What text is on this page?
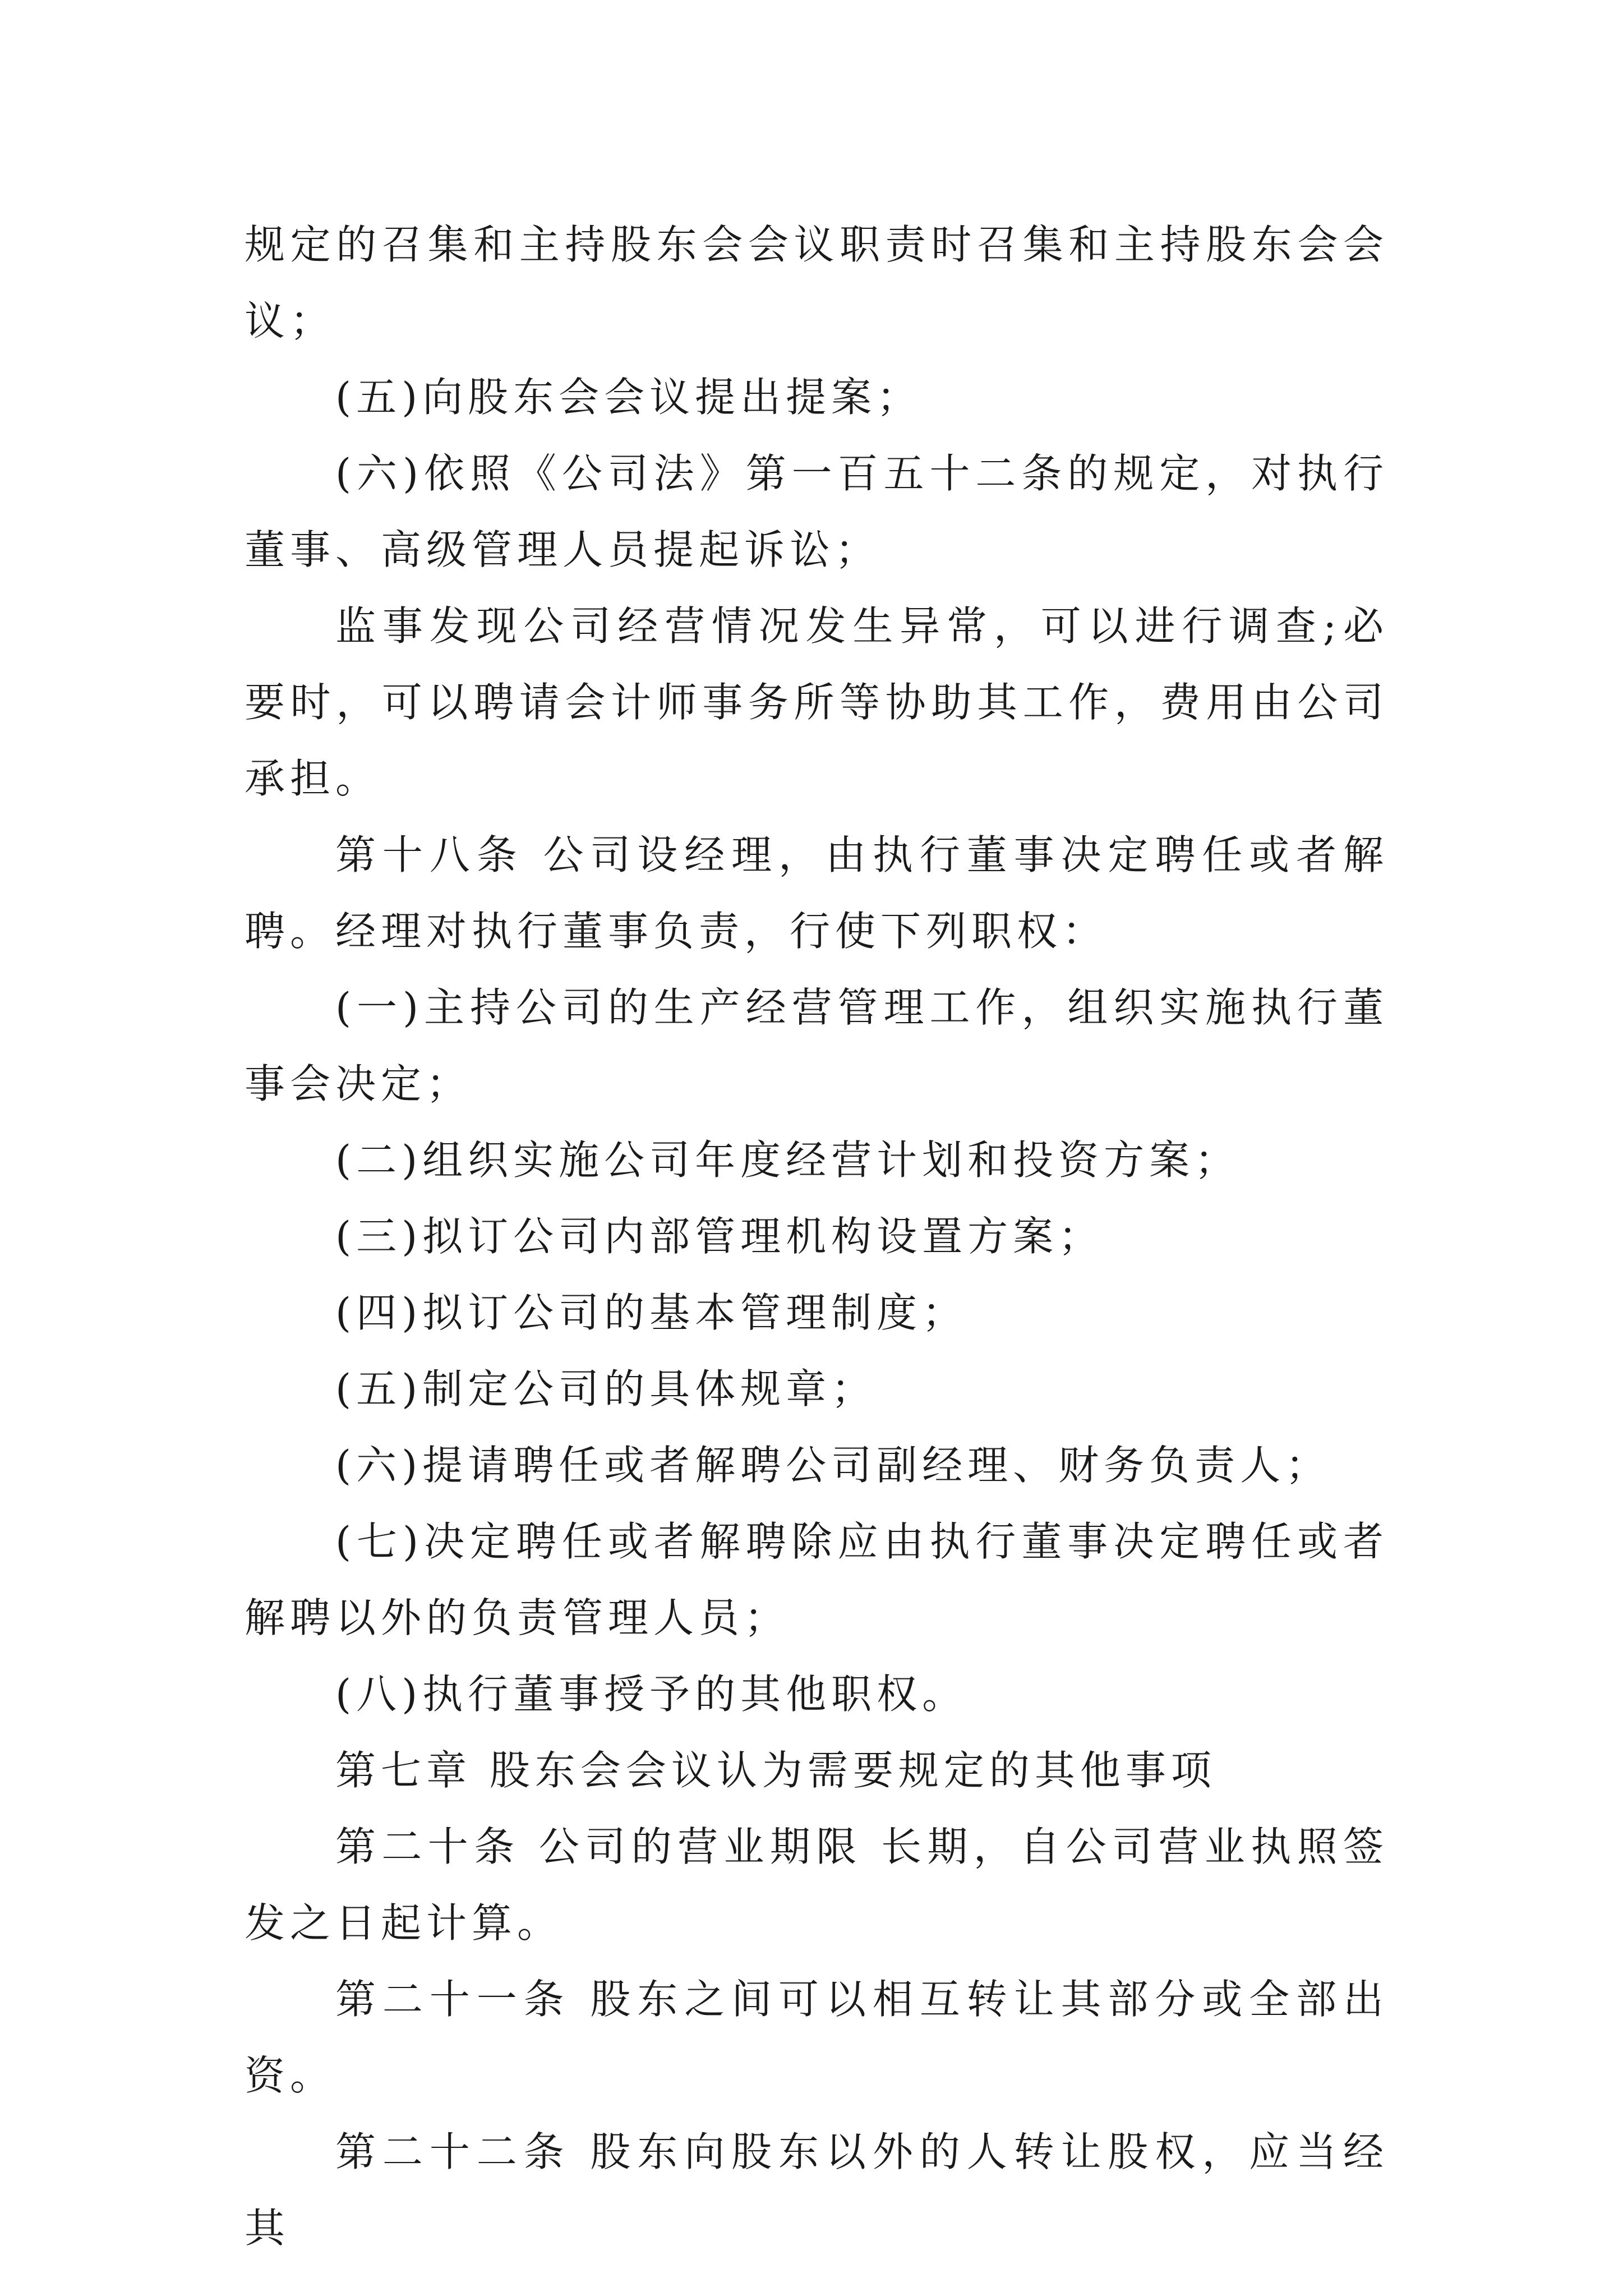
规定的召集和主持股东会会议职责时召集和主持股东会会议；

(五)向股东会会议提出提案；

(六)依照《公司法》第一百五十二条的规定，对执行董事、高级管理人员提起诉讼；

监事发现公司经营情况发生异常，可以进行调查;必要时，可以聘请会计师事务所等协助其工作，费用由公司承担。

第十八条 公司设经理，由执行董事决定聘任或者解聘。经理对执行董事负责，行使下列职权：

(一)主持公司的生产经营管理工作，组织实施执行董事会决定；

(二)组织实施公司年度经营计划和投资方案；

(三)拟订公司内部管理机构设置方案；

(四)拟订公司的基本管理制度；

(五)制定公司的具体规章；

(六)提请聘任或者解聘公司副经理、财务负责人；

(七)决定聘任或者解聘除应由执行董事决定聘任或者解聘以外的负责管理人员；

(八)执行董事授予的其他职权。

第七章 股东会会议认为需要规定的其他事项

第二十条 公司的营业期限 长期，自公司营业执照签发之日起计算。

第二十一条 股东之间可以相互转让其部分或全部出资。

第二十二条 股东向股东以外的人转让股权，应当经其
